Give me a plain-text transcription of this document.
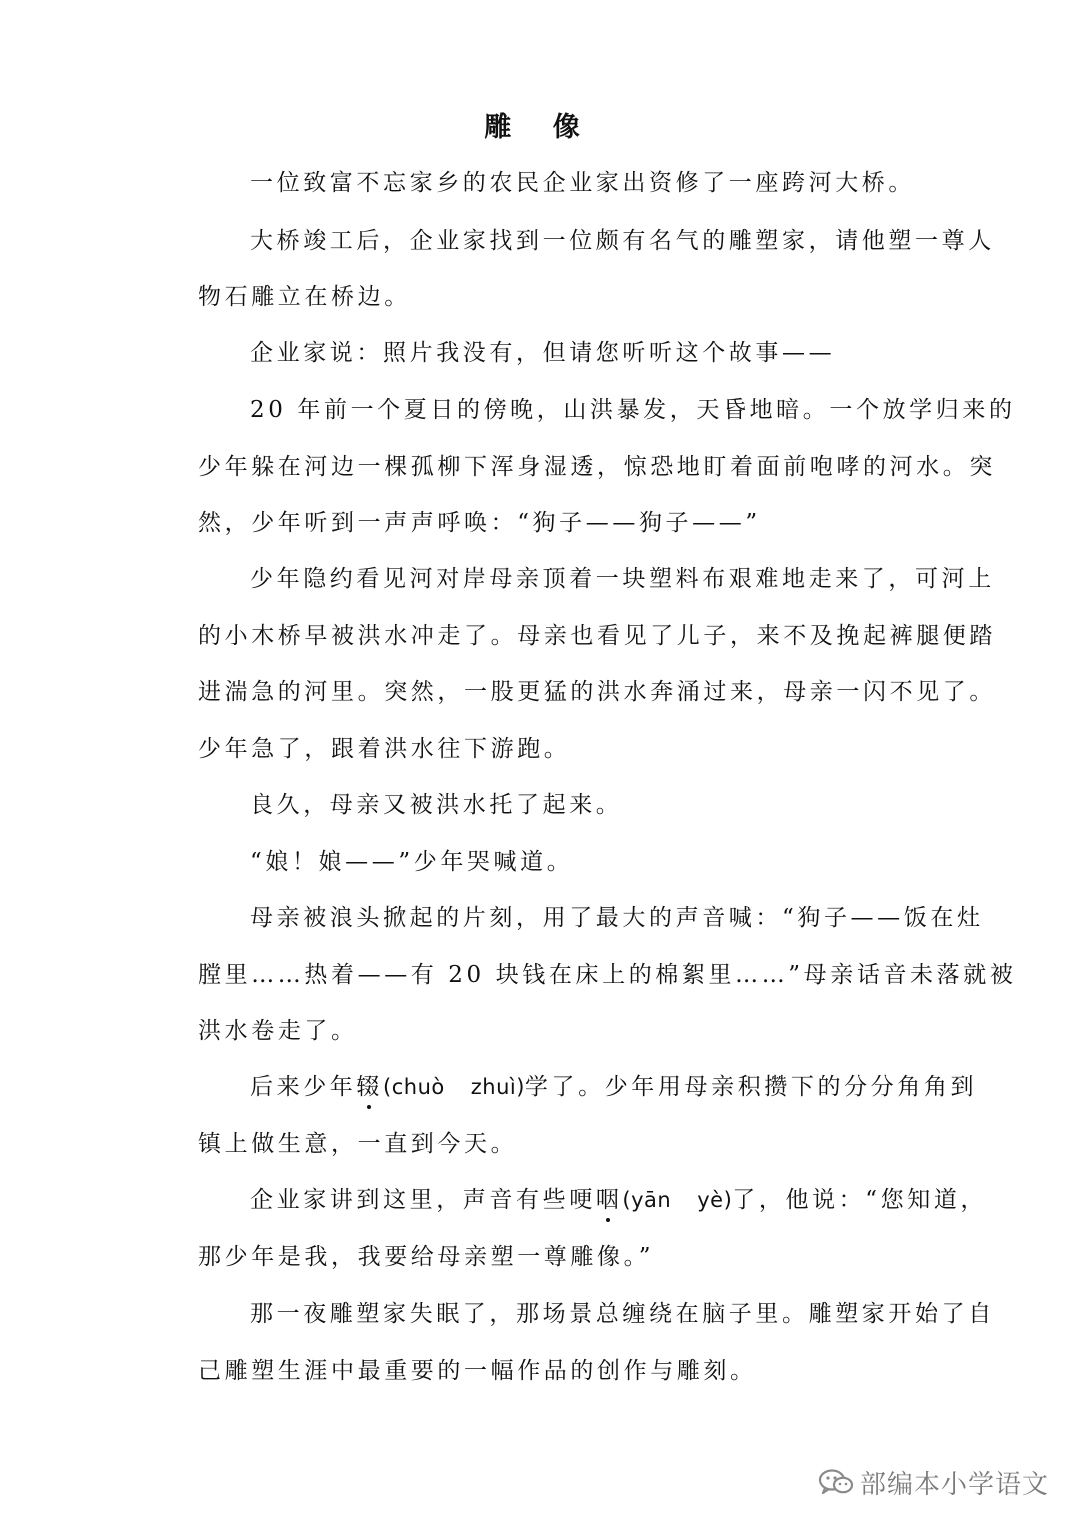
雕 像
一位致富不忘家乡的农民企业家出资修了一座跨河大桥。
大桥竣工后，企业家找到一位颇有名气的雕塑家，请他塑一尊人
物石雕立在桥边。
企业家说：照片我没有，但请您听听这个故事——
20 年前一个夏日的傍晚，山洪暴发，天昏地暗。一个放学归来的
少年躲在河边一棵孤柳下浑身湿透，惊恐地盯着面前咆哮的河水。突
然，少年听到一声声呼唤：“狗子——狗子——”
少年隐约看见河对岸母亲顶着一块塑料布艰难地走来了，可河上
的小木桥早被洪水冲走了。母亲也看见了儿子，来不及挽起裤腿便踏
进湍急的河里。突然，一股更猛的洪水奔涌过来，母亲一闪不见了。
少年急了，跟着洪水往下游跑。
良久，母亲又被洪水托了起来。
“娘！娘——”少年哭喊道。
母亲被浪头掀起的片刻，用了最大的声音喊：“狗子——饭在灶
膛里……热着——有 20 块钱在床上的棉絮里……”母亲话音未落就被
洪水卷走了。
后来少年辍(chuò zhuì)学了。少年用母亲积攒下的分分角角到
镇上做生意，一直到今天。
企业家讲到这里，声音有些哽咽(yān yè)了，他说：“您知道，
那少年是我，我要给母亲塑一尊雕像。”
那一夜雕塑家失眠了，那场景总缠绕在脑子里。雕塑家开始了自
己雕塑生涯中最重要的一幅作品的创作与雕刻。
部编本小学语文
